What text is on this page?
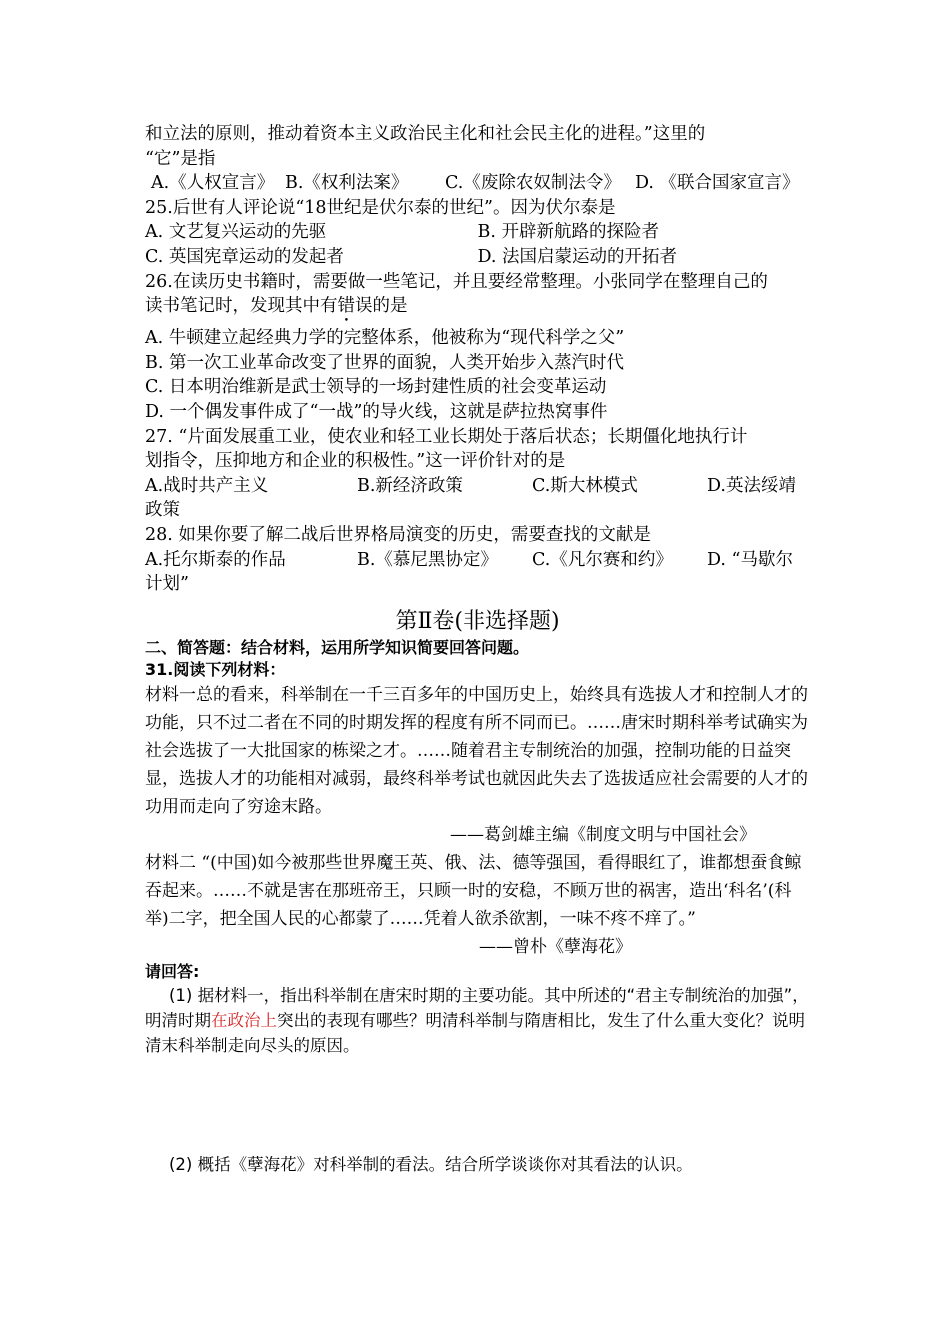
和立法的原则，推动着资本主义政治民主化和社会民主化的进程。”这里的
“它”是指
A.《人权宣言》 B.《权利法案》	C.《废除农奴制法令》 D. 《联合国家宣言》
25.后世有人评论说“18世纪是伏尔泰的世纪”。因为伏尔泰是
A. 文艺复兴运动的先驱	B. 开辟新航路的探险者
C. 英国宪章运动的发起者	D. 法国启蒙运动的开拓者
26.在读历史书籍时，需要做一些笔记，并且要经常整理。小张同学在整理自己的
读书笔记时，发现其中有错误的是
A. 牛顿建立起经典力学的完整体系，他被称为“现代科学之父”
B. 第一次工业革命改变了世界的面貌，人类开始步入蒸汽时代
C. 日本明治维新是武士领导的一场封建性质的社会变革运动
D. 一个偶发事件成了“一战”的导火线，这就是萨拉热窝事件
27. “片面发展重工业，使农业和轻工业长期处于落后状态；长期僵化地执行计
划指令，压抑地方和企业的积极性。”这一评价针对的是
A.战时共产主义	B.新经济政策	C.斯大林模式	D.英法绥靖
政策
28. 如果你要了解二战后世界格局演变的历史，需要查找的文献是
A.托尔斯泰的作品	B.《慕尼黑协定》	C.《凡尔赛和约》	D. “马歇尔
计划”
第Ⅱ卷(非选择题)
二、简答题：结合材料，运用所学知识简要回答问题。
31.阅读下列材料：
材料一总的看来，科举制在一千三百多年的中国历史上，始终具有选拔人才和控制人才的功能，只不过二者在不同的时期发挥的程度有所不同而已。……唐宋时期科举考试确实为社会选拔了一大批国家的栋梁之才。……随着君主专制统治的加强，控制功能的日益突显，选拔人才的功能相对减弱，最终科举考试也就因此失去了选拔适应社会需要的人才的功用而走向了穷途末路。
——葛剑雄主编《制度文明与中国社会》
材料二 “(中国)如今被那些世界魔王英、俄、法、德等强国，看得眼红了，谁都想蚕食鲸吞起来。……不就是害在那班帝王，只顾一时的安稳，不顾万世的祸害，造出‘科名’(科举)二字，把全国人民的心都蒙了……凭着人欲杀欲割，一味不疼不痒了。”
——曾朴《孽海花》
请回答:
(1) 据材料一，指出科举制在唐宋时期的主要功能。其中所述的“君主专制统治的加强”，明清时期在政治上突出的表现有哪些？明清科举制与隋唐相比，发生了什么重大变化？说明清末科举制走向尽头的原因。
(2) 概括《孽海花》对科举制的看法。结合所学谈谈你对其看法的认识。
